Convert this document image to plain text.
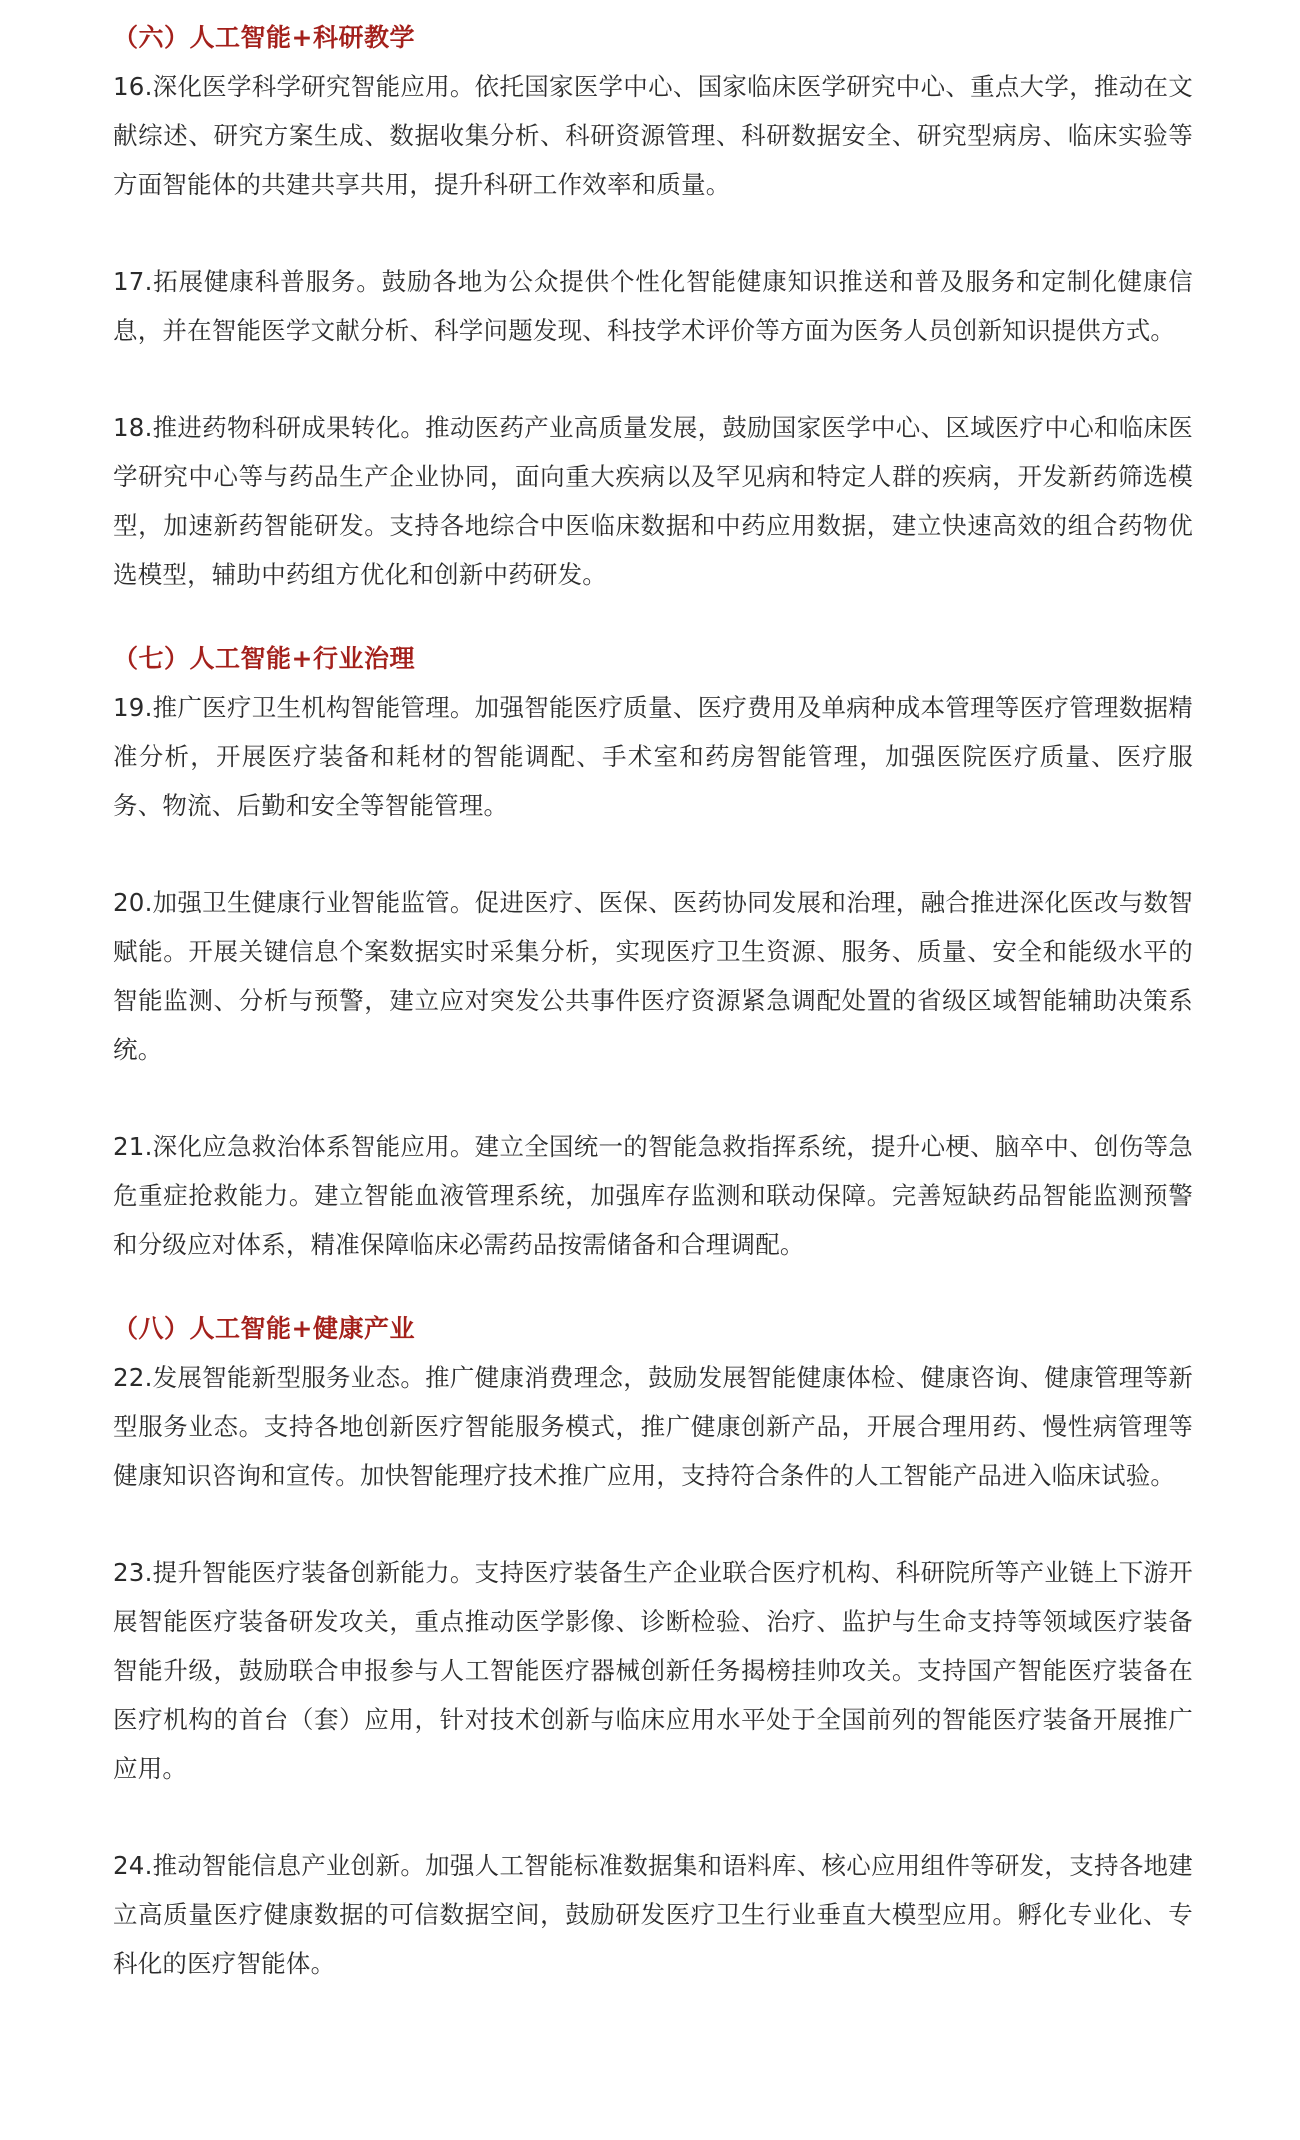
（六）人工智能+科研教学

16.深化医学科学研究智能应用。依托国家医学中心、国家临床医学研究中心、重点大学，推动在文献综述、研究方案生成、数据收集分析、科研资源管理、科研数据安全、研究型病房、临床实验等方面智能体的共建共享共用，提升科研工作效率和质量。

17.拓展健康科普服务。鼓励各地为公众提供个性化智能健康知识推送和普及服务和定制化健康信息，并在智能医学文献分析、科学问题发现、科技学术评价等方面为医务人员创新知识提供方式。

18.推进药物科研成果转化。推动医药产业高质量发展，鼓励国家医学中心、区域医疗中心和临床医学研究中心等与药品生产企业协同，面向重大疾病以及罕见病和特定人群的疾病，开发新药筛选模型，加速新药智能研发。支持各地综合中医临床数据和中药应用数据，建立快速高效的组合药物优选模型，辅助中药组方优化和创新中药研发。

（七）人工智能+行业治理

19.推广医疗卫生机构智能管理。加强智能医疗质量、医疗费用及单病种成本管理等医疗管理数据精准分析，开展医疗装备和耗材的智能调配、手术室和药房智能管理，加强医院医疗质量、医疗服务、物流、后勤和安全等智能管理。

20.加强卫生健康行业智能监管。促进医疗、医保、医药协同发展和治理，融合推进深化医改与数智赋能。开展关键信息个案数据实时采集分析，实现医疗卫生资源、服务、质量、安全和能级水平的智能监测、分析与预警，建立应对突发公共事件医疗资源紧急调配处置的省级区域智能辅助决策系统。

21.深化应急救治体系智能应用。建立全国统一的智能急救指挥系统，提升心梗、脑卒中、创伤等急危重症抢救能力。建立智能血液管理系统，加强库存监测和联动保障。完善短缺药品智能监测预警和分级应对体系，精准保障临床必需药品按需储备和合理调配。

（八）人工智能+健康产业

22.发展智能新型服务业态。推广健康消费理念，鼓励发展智能健康体检、健康咨询、健康管理等新型服务业态。支持各地创新医疗智能服务模式，推广健康创新产品，开展合理用药、慢性病管理等健康知识咨询和宣传。加快智能理疗技术推广应用，支持符合条件的人工智能产品进入临床试验。

23.提升智能医疗装备创新能力。支持医疗装备生产企业联合医疗机构、科研院所等产业链上下游开展智能医疗装备研发攻关，重点推动医学影像、诊断检验、治疗、监护与生命支持等领域医疗装备智能升级，鼓励联合申报参与人工智能医疗器械创新任务揭榜挂帅攻关。支持国产智能医疗装备在医疗机构的首台（套）应用，针对技术创新与临床应用水平处于全国前列的智能医疗装备开展推广应用。

24.推动智能信息产业创新。加强人工智能标准数据集和语料库、核心应用组件等研发，支持各地建立高质量医疗健康数据的可信数据空间，鼓励研发医疗卫生行业垂直大模型应用。孵化专业化、专科化的医疗智能体。
